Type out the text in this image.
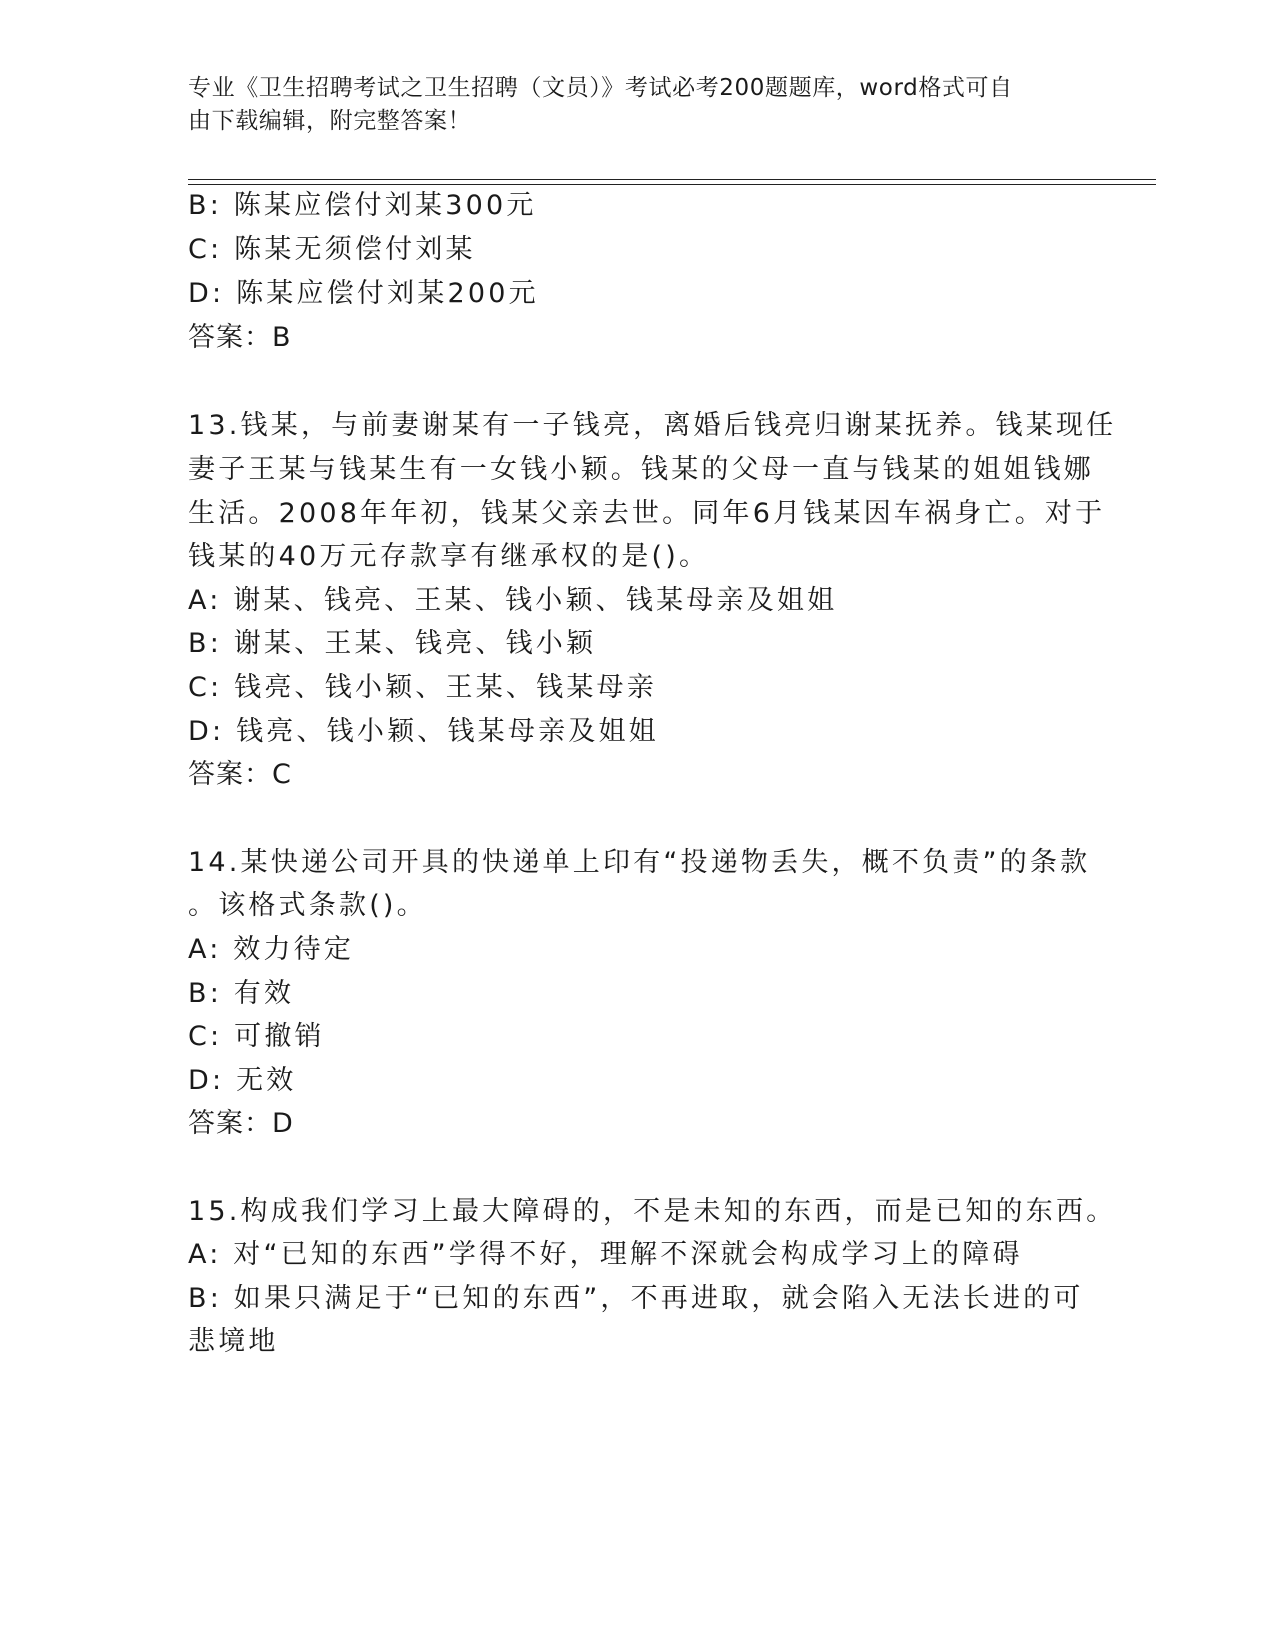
专业《卫生招聘考试之卫生招聘（文员）》考试必考200题题库，word格式可自
由下载编辑，附完整答案！
B: 陈某应偿付刘某300元
C: 陈某无须偿付刘某
D: 陈某应偿付刘某200元
答案：B
13.钱某，与前妻谢某有一子钱亮，离婚后钱亮归谢某抚养。钱某现任
妻子王某与钱某生有一女钱小颖。钱某的父母一直与钱某的姐姐钱娜
生活。2008年年初，钱某父亲去世。同年6月钱某因车祸身亡。对于
钱某的40万元存款享有继承权的是()。
A: 谢某、钱亮、王某、钱小颖、钱某母亲及姐姐
B: 谢某、王某、钱亮、钱小颖
C: 钱亮、钱小颖、王某、钱某母亲
D: 钱亮、钱小颖、钱某母亲及姐姐
答案：C
14.某快递公司开具的快递单上印有“投递物丢失，概不负责”的条款
。该格式条款()。
A: 效力待定
B: 有效
C: 可撤销
D: 无效
答案：D
15.构成我们学习上最大障碍的，不是未知的东西，而是已知的东西。
A: 对“已知的东西”学得不好，理解不深就会构成学习上的障碍
B: 如果只满足于“已知的东西”，不再进取，就会陷入无法长进的可
悲境地
